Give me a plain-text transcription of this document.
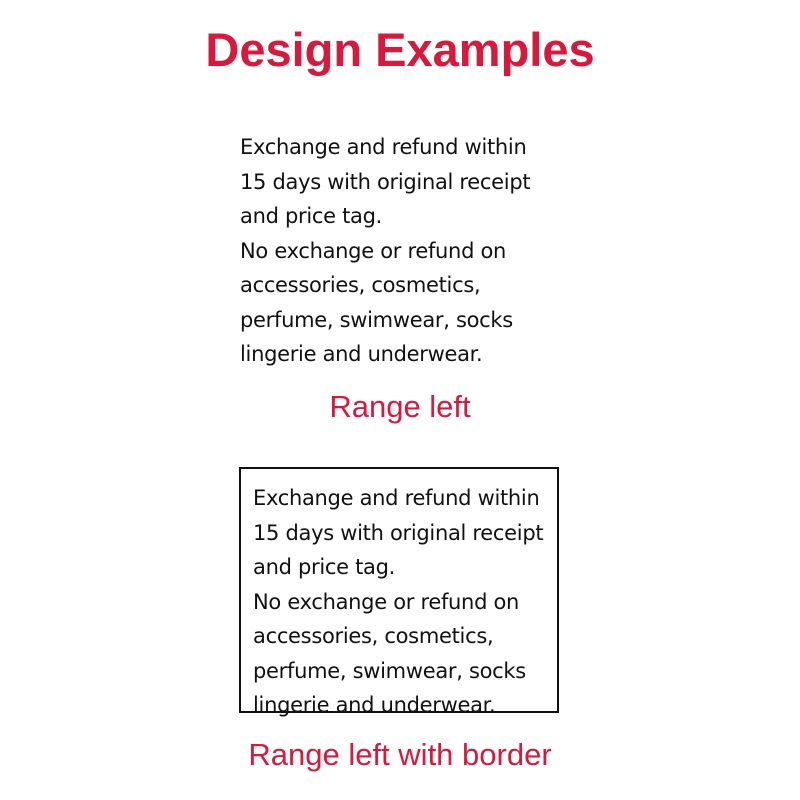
Design Examples
Exchange and refund within
15 days with original receipt
and price tag.
No exchange or refund on
accessories, cosmetics,
perfume, swimwear, socks
lingerie and underwear.
Range left
Exchange and refund within
15 days with original receipt
and price tag.
No exchange or refund on
accessories, cosmetics,
perfume, swimwear, socks
lingerie and underwear.
Range left with border
